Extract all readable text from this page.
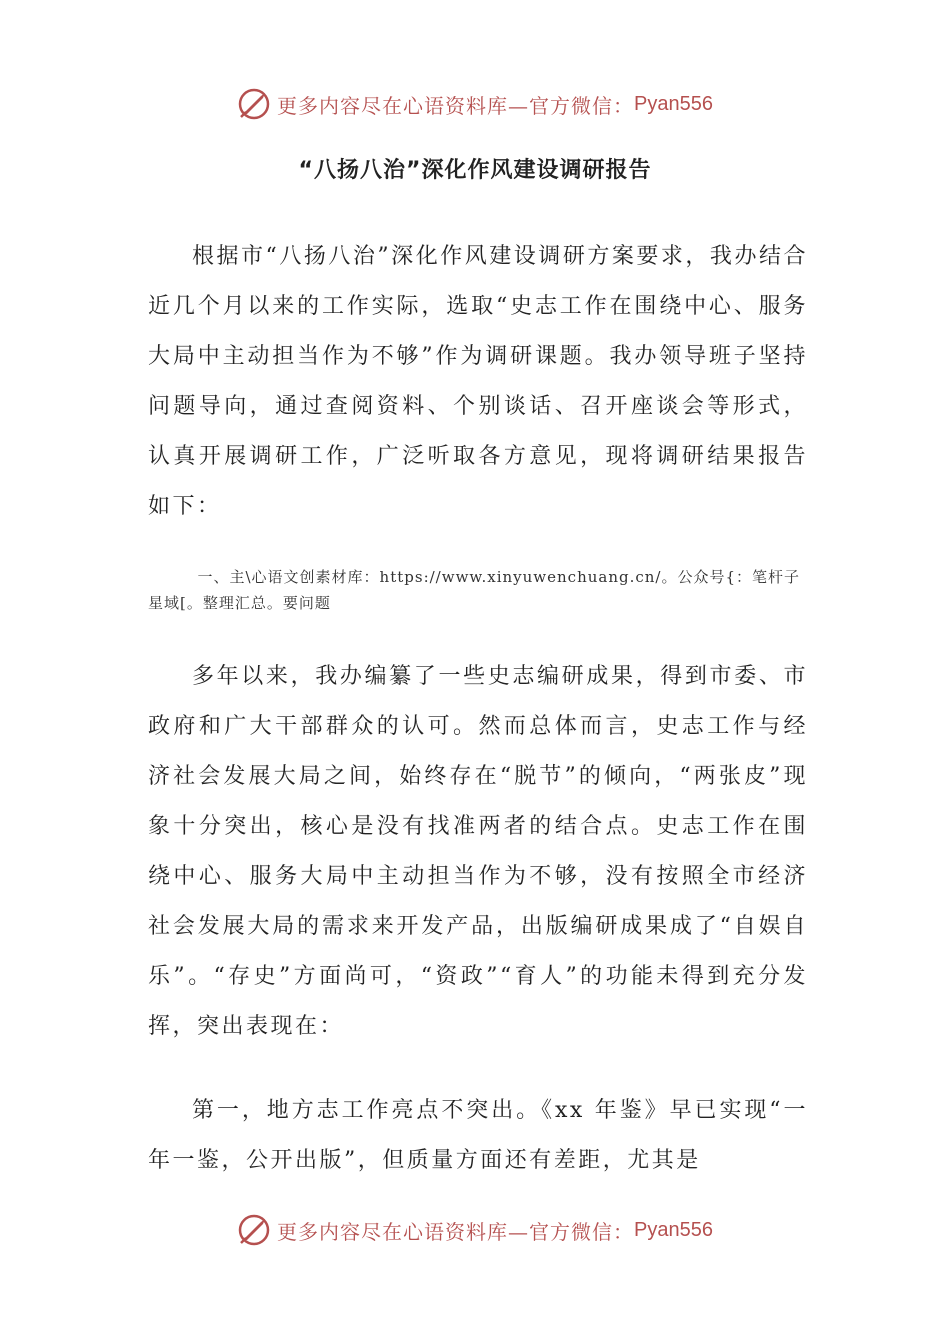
更多内容尽在心语资料库—官方微信： Pyan556
“八扬八治”深化作风建设调研报告

根据市“八扬八治”深化作风建设调研方案要求，我办结合近几个月以来的工作实际，选取“史志工作在围绕中心、服务大局中主动担当作为不够”作为调研课题。我办领导班子坚持问题导向，通过查阅资料、个别谈话、召开座谈会等形式，认真开展调研工作，广泛听取各方意见，现将调研结果报告如下：

一、主\心语文创素材库：https://www.xinyuwenchuang.cn/。公众号{：笔杆子星域[。整理汇总。要问题

多年以来，我办编纂了一些史志编研成果，得到市委、市政府和广大干部群众的认可。然而总体而言，史志工作与经济社会发展大局之间，始终存在“脱节”的倾向，“两张皮”现象十分突出，核心是没有找准两者的结合点。史志工作在围绕中心、服务大局中主动担当作为不够，没有按照全市经济社会发展大局的需求来开发产品，出版编研成果成了“自娱自乐”。“存史”方面尚可，“资政”“育人”的功能未得到充分发挥，突出表现在：

第一，地方志工作亮点不突出。《xx 年鉴》早已实现“一年一鉴，公开出版”，但质量方面还有差距，尤其是

更多内容尽在心语资料库—官方微信： Pyan556
